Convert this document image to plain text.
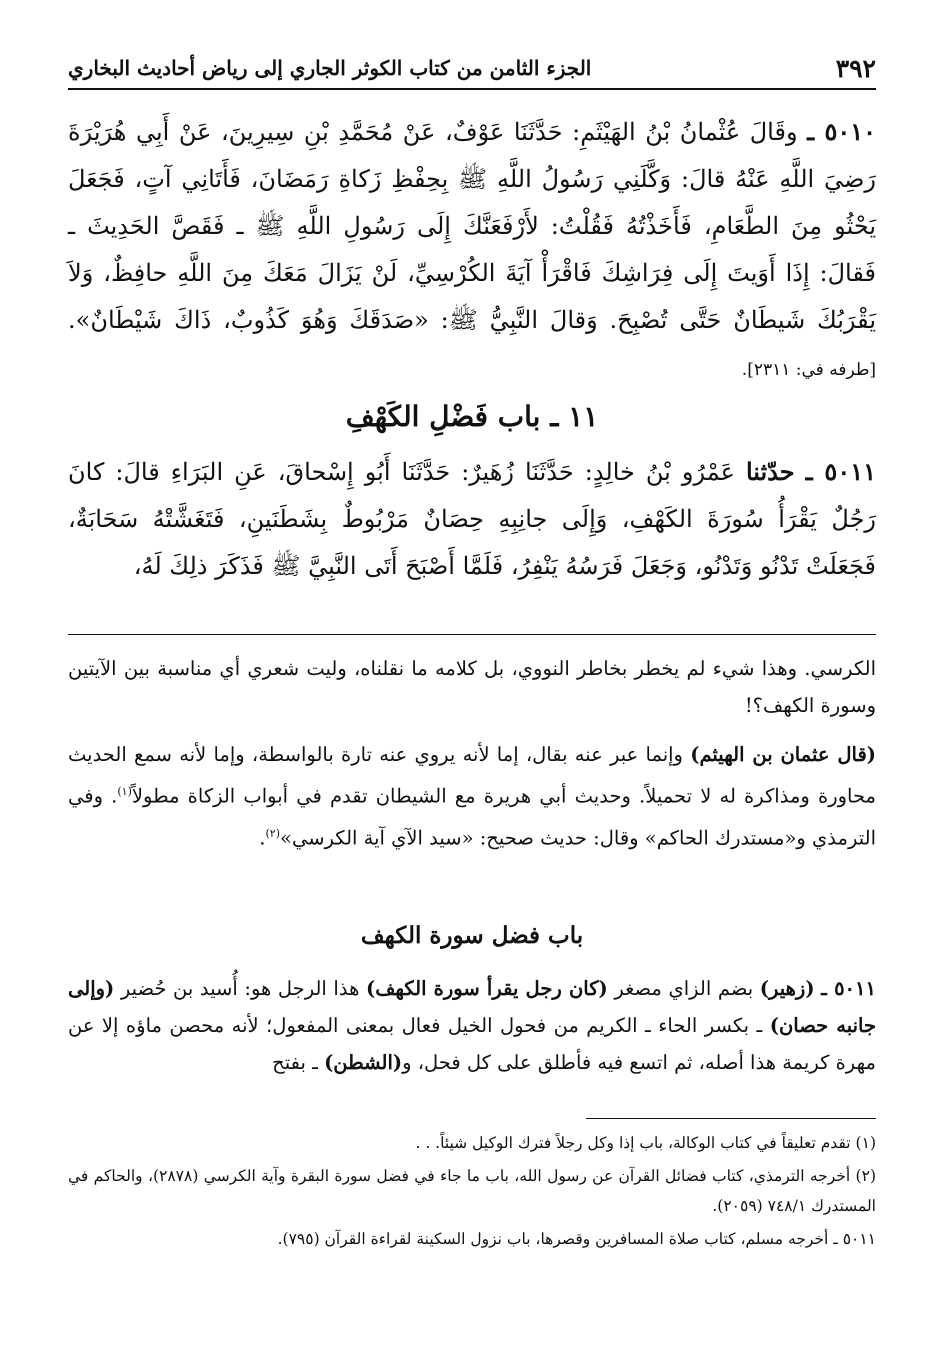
٣٩٢
الجزء الثامن من كتاب الكوثر الجاري إلى رياض أحاديث البخاري

٥٠١٠ ـ وقَالَ عُثْمانُ بْنُ الهَيْثَمِ: حَدَّثَنَا عَوْفٌ، عَنْ مُحَمَّدِ بْنِ سِيرِينَ، عَنْ أَبِي هُرَيْرَةَ رَضِيَ اللَّهِ عَنْهُ قالَ: وَكَّلَنِي رَسُولُ اللَّهِ ﷺ بِحِفْظِ زَكاةِ رَمَضَانَ، فَأَتَانِي آتٍ، فَجَعَلَ يَحْثُو مِنَ الطَّعَامِ، فَأَخَذْتُهُ فَقُلْتُ: لأَرْفَعَنَّكَ إِلَى رَسُولِ اللَّهِ ﷺ ـ فَقَصَّ الحَدِيثَ ـ فَقالَ: إِذَا أَوَيتَ إِلَى فِرَاشِكَ فَاقْرَأْ آيَةَ الكُرْسِيِّ، لَنْ يَزَالَ مَعَكَ مِنَ اللَّهِ حافِظٌ، وَلاَ يَقْرَبُكَ شَيطَانٌ حَتَّى تُصْبِحَ. وَقالَ النَّبِيُّ ﷺ: «صَدَقَكَ وَهُوَ كَذُوبٌ، ذَاكَ شَيْطَانٌ». [طرفه في: ٢٣١١].

١١ ـ باب فَضْلِ الكَهْفِ

٥٠١١ ـ حدّثنا عَمْرُو بْنُ خالِدٍ: حَدَّثَنَا زُهَيرٌ: حَدَّثَنَا أَبُو إِسْحاقَ، عَنِ البَرَاءِ قالَ: كانَ رَجُلٌ يَقْرَأُ سُورَةَ الكَهْفِ، وَإِلَى جانِبِهِ حِصَانٌ مَرْبُوطٌ بِشَطَنَينِ، فَتَغَشَّتْهُ سَحَابَةٌ، فَجَعَلَتْ تَدْنُو وَتَدْنُو، وَجَعَلَ فَرَسُهُ يَنْفِرُ، فَلَمَّا أَصْبَحَ أَتَى النَّبِيَّ ﷺ فَذَكَرَ ذلِكَ لَهُ،

الكرسي. وهذا شيء لم يخطر بخاطر النووي، بل كلامه ما نقلناه، وليت شعري أي مناسبة بين الآيتين وسورة الكهف؟!

(قال عثمان بن الهيثم) وإنما عبر عنه بقال، إما لأنه يروي عنه تارة بالواسطة، وإما لأنه سمع الحديث محاورة ومذاكرة له لا تحميلاً. وحديث أبي هريرة مع الشيطان تقدم في أبواب الزكاة مطولاً$^{(١)}$. وفي الترمذي و«مستدرك الحاكم» وقال: حديث صحيح: «سيد الآي آية الكرسي»$^{(٢)}$.

باب فضل سورة الكهف

٥٠١١ ـ (زهير) بضم الزاي مصغر (كان رجل يقرأ سورة الكهف) هذا الرجل هو: أُسيد بن حُضير (وإلى جانبه حصان) ـ بكسر الحاء ـ الكريم من فحول الخيل فعال بمعنى المفعول؛ لأنه محصن ماؤه إلا عن مهرة كريمة هذا أصله، ثم اتسع فيه فأطلق على كل فحل، و(الشطن) ـ بفتح

(١) تقدم تعليقاً في كتاب الوكالة، باب إذا وكل رجلاً فترك الوكيل شيئاً. . .

(٢) أخرجه الترمذي، كتاب فضائل القرآن عن رسول الله، باب ما جاء في فضل سورة البقرة وآية الكرسي (٢٨٧٨)، والحاكم في المستدرك ٧٤٨/١ (٢٠٥٩).

٥٠١١ ـ أخرجه مسلم، كتاب صلاة المسافرين وقصرها، باب نزول السكينة لقراءة القرآن (٧٩٥).
